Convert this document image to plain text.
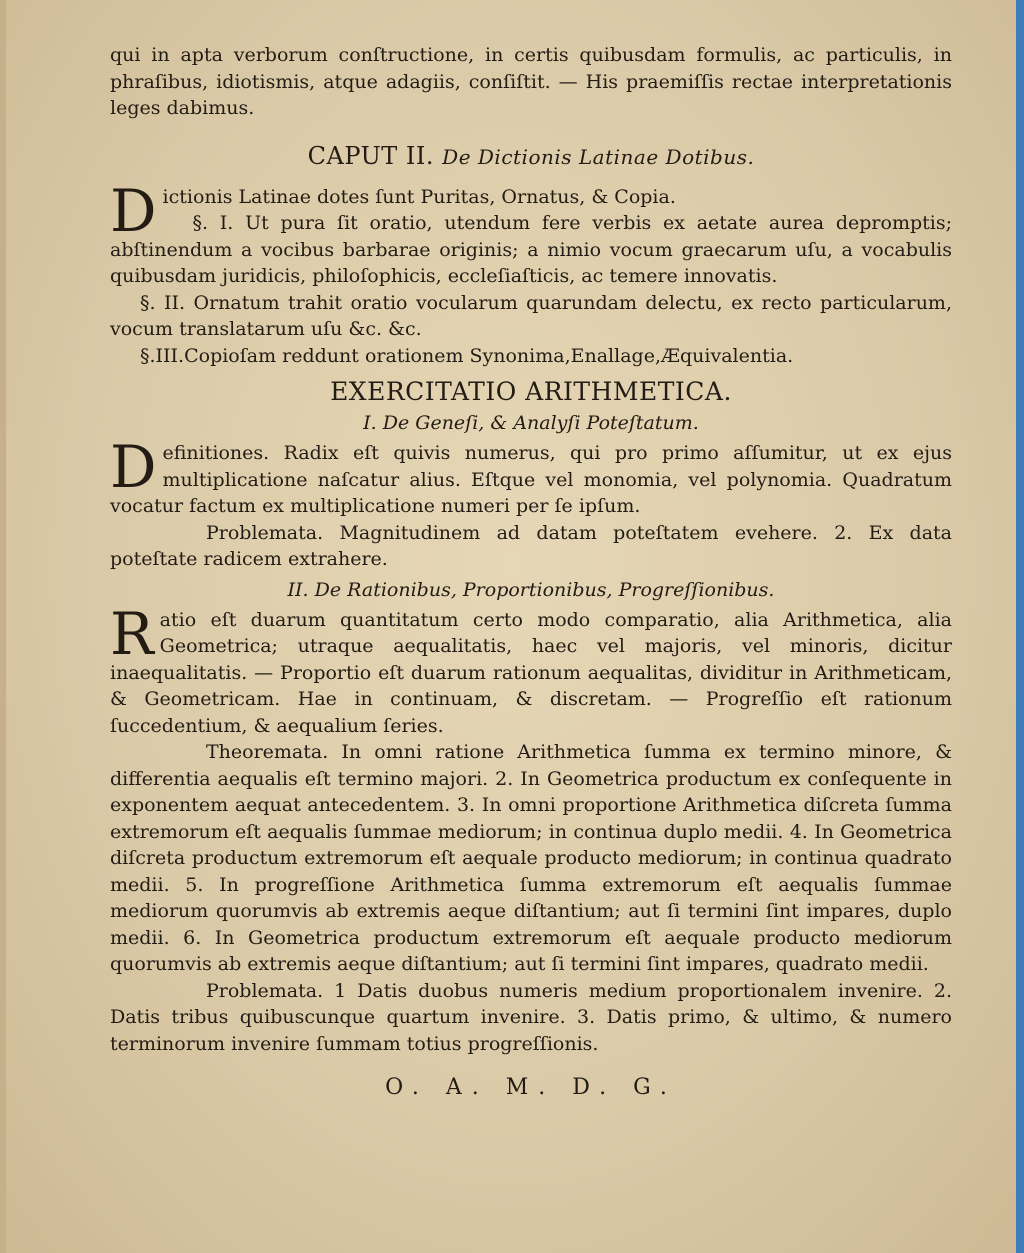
qui in apta verborum conſtructione, in certis quibusdam formulis, ac particulis, in phraſibus, idiotismis, atque adagiis, conſiſtit. — His praemiſſis rectae interpretationis leges dabimus.

CAPUT II. De Dictionis Latinae Dotibus.
D ictionis Latinae dotes ſunt Puritas, Ornatus, & Copia.

§. I. Ut pura ſit oratio, utendum fere verbis ex aetate aurea depromptis; abſtinendum a vocibus barbarae originis; a nimio vocum graecarum uſu, a vocabulis quibusdam juridicis, philoſophicis, eccleſiaſticis, ac temere innovatis.

§. II. Ornatum trahit oratio vocularum quarundam delectu, ex recto particularum, vocum translatarum uſu &c. &c.

§.III.Copioſam reddunt orationem Synonima,Enallage,Æquivalentia.

EXERCITATIO ARITHMETICA.
I. De Geneſi, & Analyſi Poteſtatum.
D efinitiones. Radix eſt quivis numerus, qui pro primo aſſumitur, ut ex ejus multiplicatione naſcatur alius. Eſtque vel monomia, vel polynomia. Quadratum vocatur factum ex multiplicatione numeri per ſe ipſum.

Problemata. Magnitudinem ad datam poteſtatem evehere. 2. Ex data poteſtate radicem extrahere.

II. De Rationibus, Proportionibus, Progreſſionibus.
R atio eſt duarum quantitatum certo modo comparatio, alia Arithmetica, alia Geometrica; utraque aequalitatis, haec vel majoris, vel minoris, dicitur inaequalitatis. — Proportio eſt duarum rationum aequalitas, dividitur in Arithmeticam, & Geometricam. Hae in continuam, & discretam. — Progreſſio eſt rationum ſuccedentium, & aequalium ſeries.

Theoremata. In omni ratione Arithmetica ſumma ex termino minore, & differentia aequalis eſt termino majori. 2. In Geometrica productum ex conſequente in exponentem aequat antecedentem. 3. In omni proportione Arithmetica diſcreta ſumma extremorum eſt aequalis ſummae mediorum; in continua duplo medii. 4. In Geometrica diſcreta productum extremorum eſt aequale producto mediorum; in continua quadrato medii. 5. In progreſſione Arithmetica ſumma extremorum eſt aequalis ſummae mediorum quorumvis ab extremis aeque diſtantium; aut ſi termini ſint impares, duplo medii. 6. In Geometrica productum extremorum eſt aequale producto mediorum quorumvis ab extremis aeque diſtantium; aut ſi termini ſint impares, quadrato medii.

Problemata. 1 Datis duobus numeris medium proportionalem invenire. 2. Datis tribus quibuscunque quartum invenire. 3. Datis primo, & ultimo, & numero terminorum invenire ſummam totius progreſſionis.

O. A. M. D. G.
